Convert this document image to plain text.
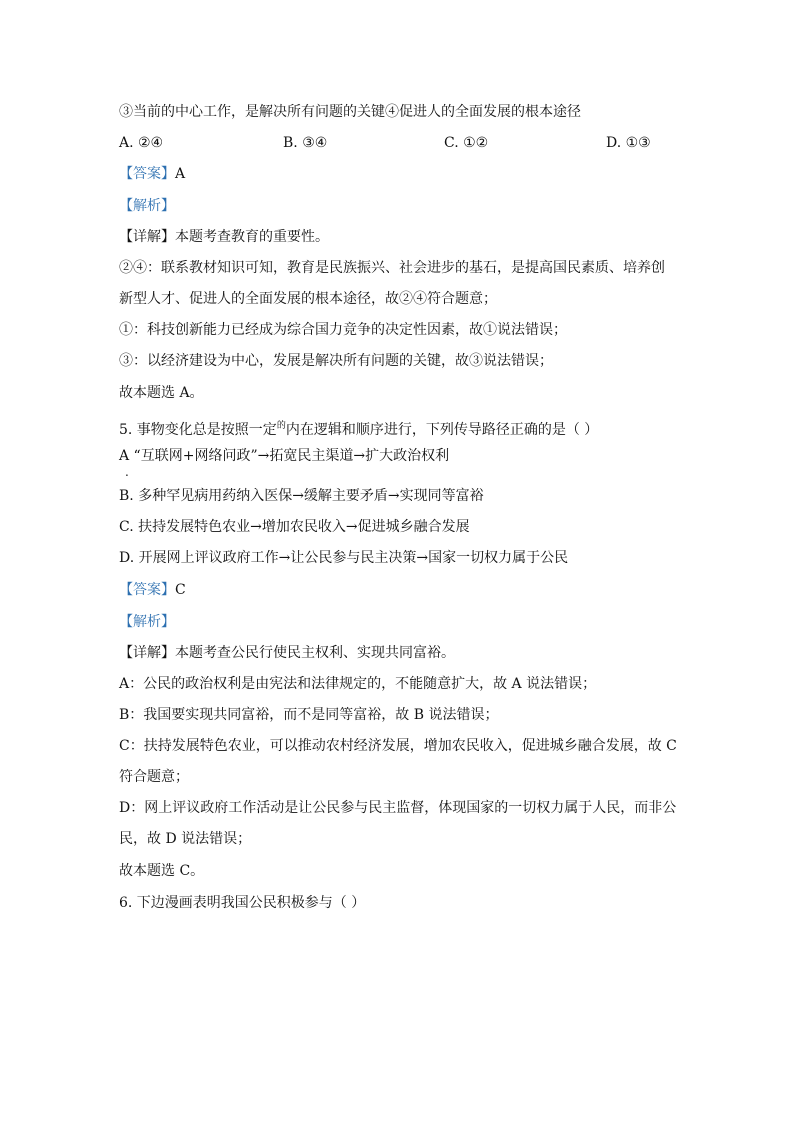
③当前的中心工作，是解决所有问题的关键④促进人的全面发展的根本途径
A. ②④	B. ③④	C. ①②	D. ①③
【答案】A
【解析】
【详解】本题考查教育的重要性。
②④：联系教材知识可知，教育是民族振兴、社会进步的基石，是提高国民素质、培养创
新型人才、促进人的全面发展的根本途径，故②④符合题意；
①：科技创新能力已经成为综合国力竞争的决定性因素，故①说法错误；
③：以经济建设为中心，发展是解决所有问题的关键，故③说法错误；
故本题选 A。
5. 事物变化总是按照一定$^的$内在逻辑和顺序进行，下列传导路径正确的是（ ）
A “互联网+网络问政”→拓宽民主渠道→扩大政治权利
.
B. 多种罕见病用药纳入医保→缓解主要矛盾→实现同等富裕
C. 扶持发展特色农业→增加农民收入→促进城乡融合发展
D. 开展网上评议政府工作→让公民参与民主决策→国家一切权力属于公民
【答案】C
【解析】
【详解】本题考查公民行使民主权利、实现共同富裕。
A：公民的政治权利是由宪法和法律规定的，不能随意扩大，故 A 说法错误；
B：我国要实现共同富裕，而不是同等富裕，故 B 说法错误；
C：扶持发展特色农业，可以推动农村经济发展，增加农民收入，促进城乡融合发展，故 C
符合题意；
D：网上评议政府工作活动是让公民参与民主监督，体现国家的一切权力属于人民，而非公
民，故 D 说法错误；
故本题选 C。
6. 下边漫画表明我国公民积极参与（ ）
